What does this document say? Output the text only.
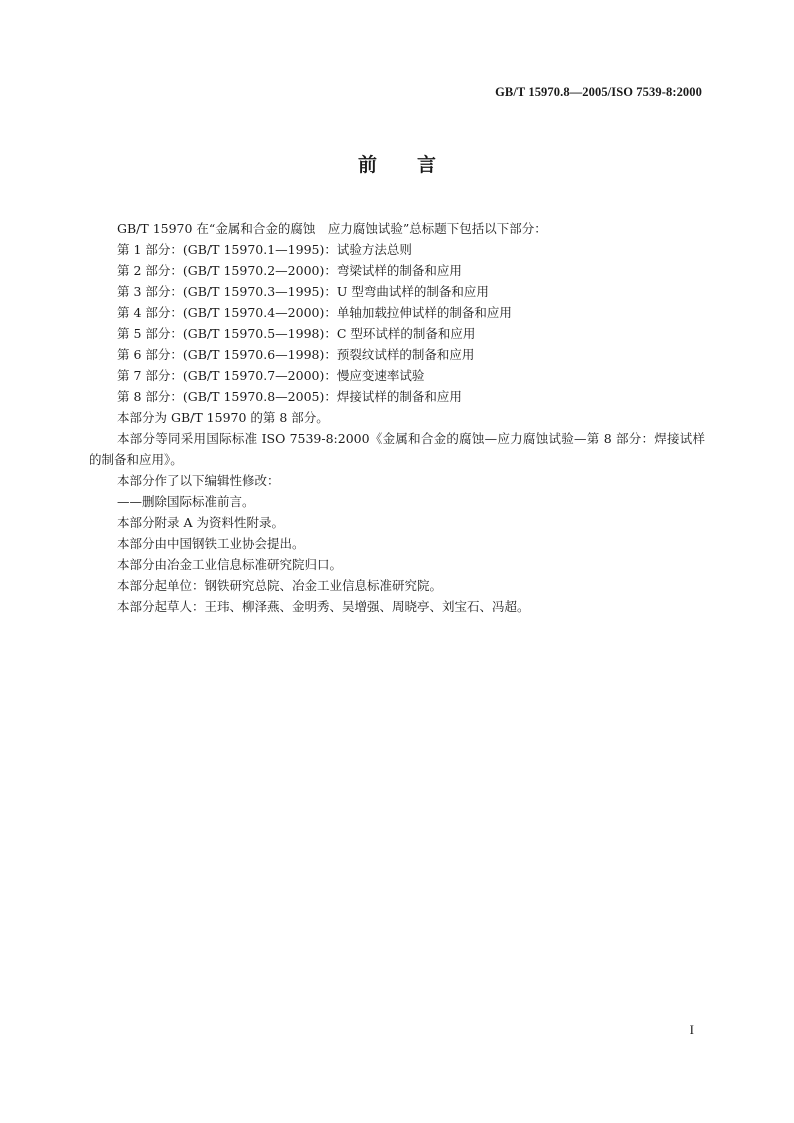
GB/T 15970.8—2005/ISO 7539-8:2000
前言

GB/T 15970 在“金属和合金的腐蚀　应力腐蚀试验”总标题下包括以下部分：

第 1 部分：(GB/T 15970.1—1995)：试验方法总则

第 2 部分：(GB/T 15970.2—2000)：弯梁试样的制备和应用

第 3 部分：(GB/T 15970.3—1995)：U 型弯曲试样的制备和应用

第 4 部分：(GB/T 15970.4—2000)：单轴加载拉伸试样的制备和应用

第 5 部分：(GB/T 15970.5—1998)：C 型环试样的制备和应用

第 6 部分：(GB/T 15970.6—1998)：预裂纹试样的制备和应用

第 7 部分：(GB/T 15970.7—2000)：慢应变速率试验

第 8 部分：(GB/T 15970.8—2005)：焊接试样的制备和应用

本部分为 GB/T 15970 的第 8 部分。

本部分等同采用国际标准 ISO 7539-8:2000《金属和合金的腐蚀—应力腐蚀试验—第 8 部分：焊接试样的制备和应用》。

本部分作了以下编辑性修改：

——删除国际标准前言。

本部分附录 A 为资料性附录。

本部分由中国钢铁工业协会提出。

本部分由冶金工业信息标准研究院归口。

本部分起单位：钢铁研究总院、冶金工业信息标准研究院。

本部分起草人：王玮、柳泽燕、金明秀、吴增强、周晓亭、刘宝石、冯超。

I
